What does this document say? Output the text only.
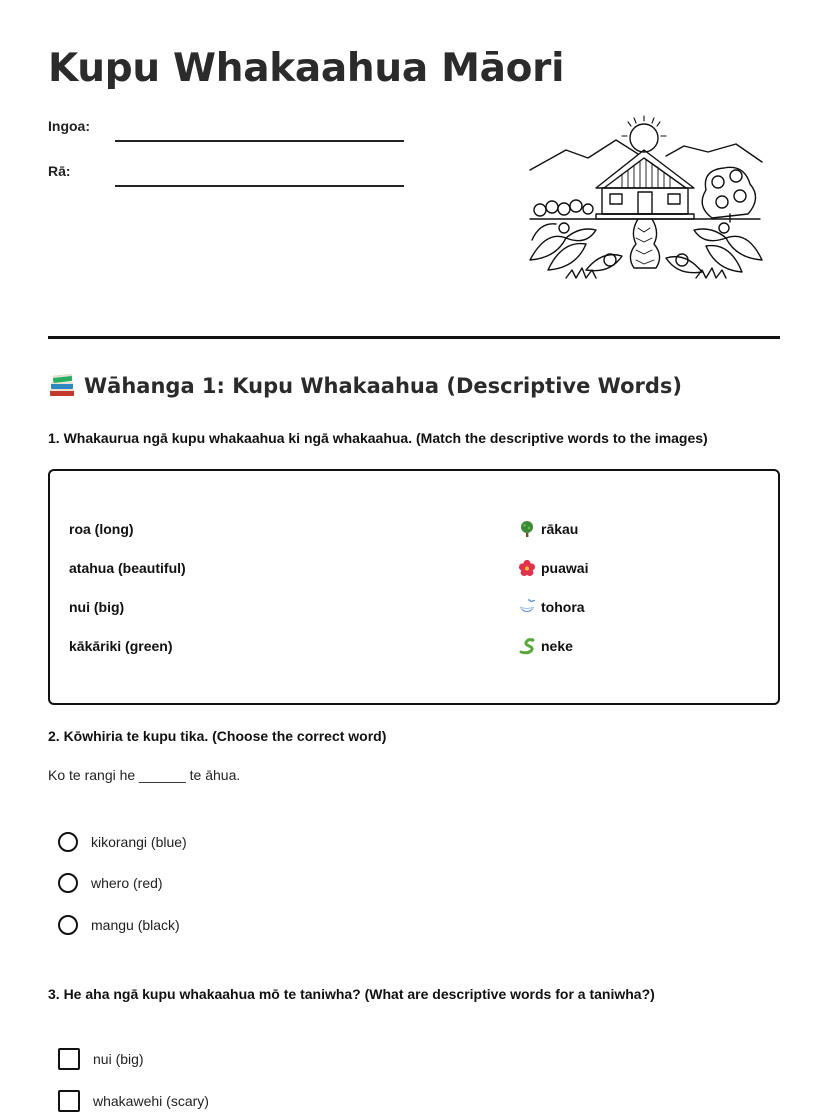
Kupu Whakaahua Māori
Ingoa:
Rā:
Wāhanga 1: Kupu Whakaahua (Descriptive Words)

1. Whakaurua ngā kupu whakaahua ki ngā whakaahua. (Match the descriptive words to the images)

roa (long)
atahua (beautiful)
nui (big)
kākāriki (green)
rākau
puawai
tohora
neke

2. Kōwhiria te kupu tika. (Choose the correct word)

Ko te rangi he ______ te āhua.
kikorangi (blue)
whero (red)
mangu (black)

3. He aha ngā kupu whakaahua mō te taniwha? (What are descriptive words for a taniwha?)

nui (big)
whakawehi (scary)
